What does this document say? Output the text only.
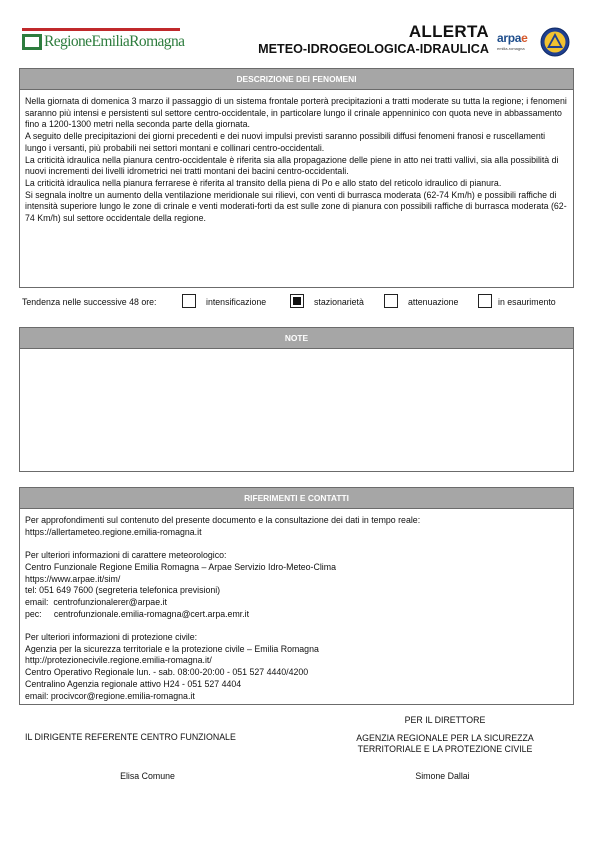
RegioneEmiliaRomagna
ALLERTA
METEO-IDROGEOLOGICA-IDRAULICA
arpae
emilia-romagna
DESCRIZIONE DEI FENOMENI

Nella giornata di domenica 3 marzo il passaggio di un sistema frontale porterà precipitazioni a tratti moderate su tutta la regione; i fenomeni saranno più intensi e persistenti sul settore centro-occidentale, in particolare lungo il crinale appenninico con quota neve in abbassamento fino a 1200-1300 metri nella seconda parte della giornata.

A seguito delle precipitazioni dei giorni precedenti e dei nuovi impulsi previsti saranno possibili diffusi fenomeni franosi e ruscellamenti lungo i versanti, più probabili nei settori montani e collinari centro-occidentali.

La criticità idraulica nella pianura centro-occidentale è riferita sia alla propagazione delle piene in atto nei tratti vallivi, sia alla possibilità di nuovi incrementi dei livelli idrometrici nei tratti montani dei bacini centro-occidentali.

La criticità idraulica nella pianura ferrarese è riferita al transito della piena di Po e allo stato del reticolo idraulico di pianura.

Si segnala inoltre un aumento della ventilazione meridionale sui rilievi, con venti di burrasca moderata (62-74 Km/h) e possibili raffiche di intensità superiore lungo le zone di crinale e venti moderati-forti da est sulle zone di pianura con possibili raffiche di burrasca moderata (62-74 Km/h) sul settore occidentale della regione.

Tendenza nelle successive 48 ore:	intensificazione	stazionarietà	attenuazione	in esaurimento
NOTE
RIFERIMENTI E CONTATTI

Per approfondimenti sul contenuto del presente documento e la consultazione dei dati in tempo reale:

https://allertameteo.regione.emilia-romagna.it

Per ulteriori informazioni di carattere meteorologico:

Centro Funzionale Regione Emilia Romagna – Arpae Servizio Idro-Meteo-Clima

https://www.arpae.it/sim/

tel: 051 649 7600 (segreteria telefonica previsioni)

email:  centrofunzionalerer@arpae.it

pec:     centrofunzionale.emilia-romagna@cert.arpa.emr.it

Per ulteriori informazioni di protezione civile:

Agenzia per la sicurezza territoriale e la protezione civile – Emilia Romagna

http://protezionecivile.regione.emilia-romagna.it/

Centro Operativo Regionale lun. - sab. 08:00-20:00 - 051 527 4440/4200

Centralino Agenzia regionale attivo H24 - 051 527 4404

email: procivcor@regione.emilia-romagna.it

IL DIRIGENTE REFERENTE CENTRO FUNZIONALE
Elisa Comune
PER IL DIRETTORE
AGENZIA REGIONALE PER LA SICUREZZA
TERRITORIALE E LA PROTEZIONE CIVILE
Simone Dallai
